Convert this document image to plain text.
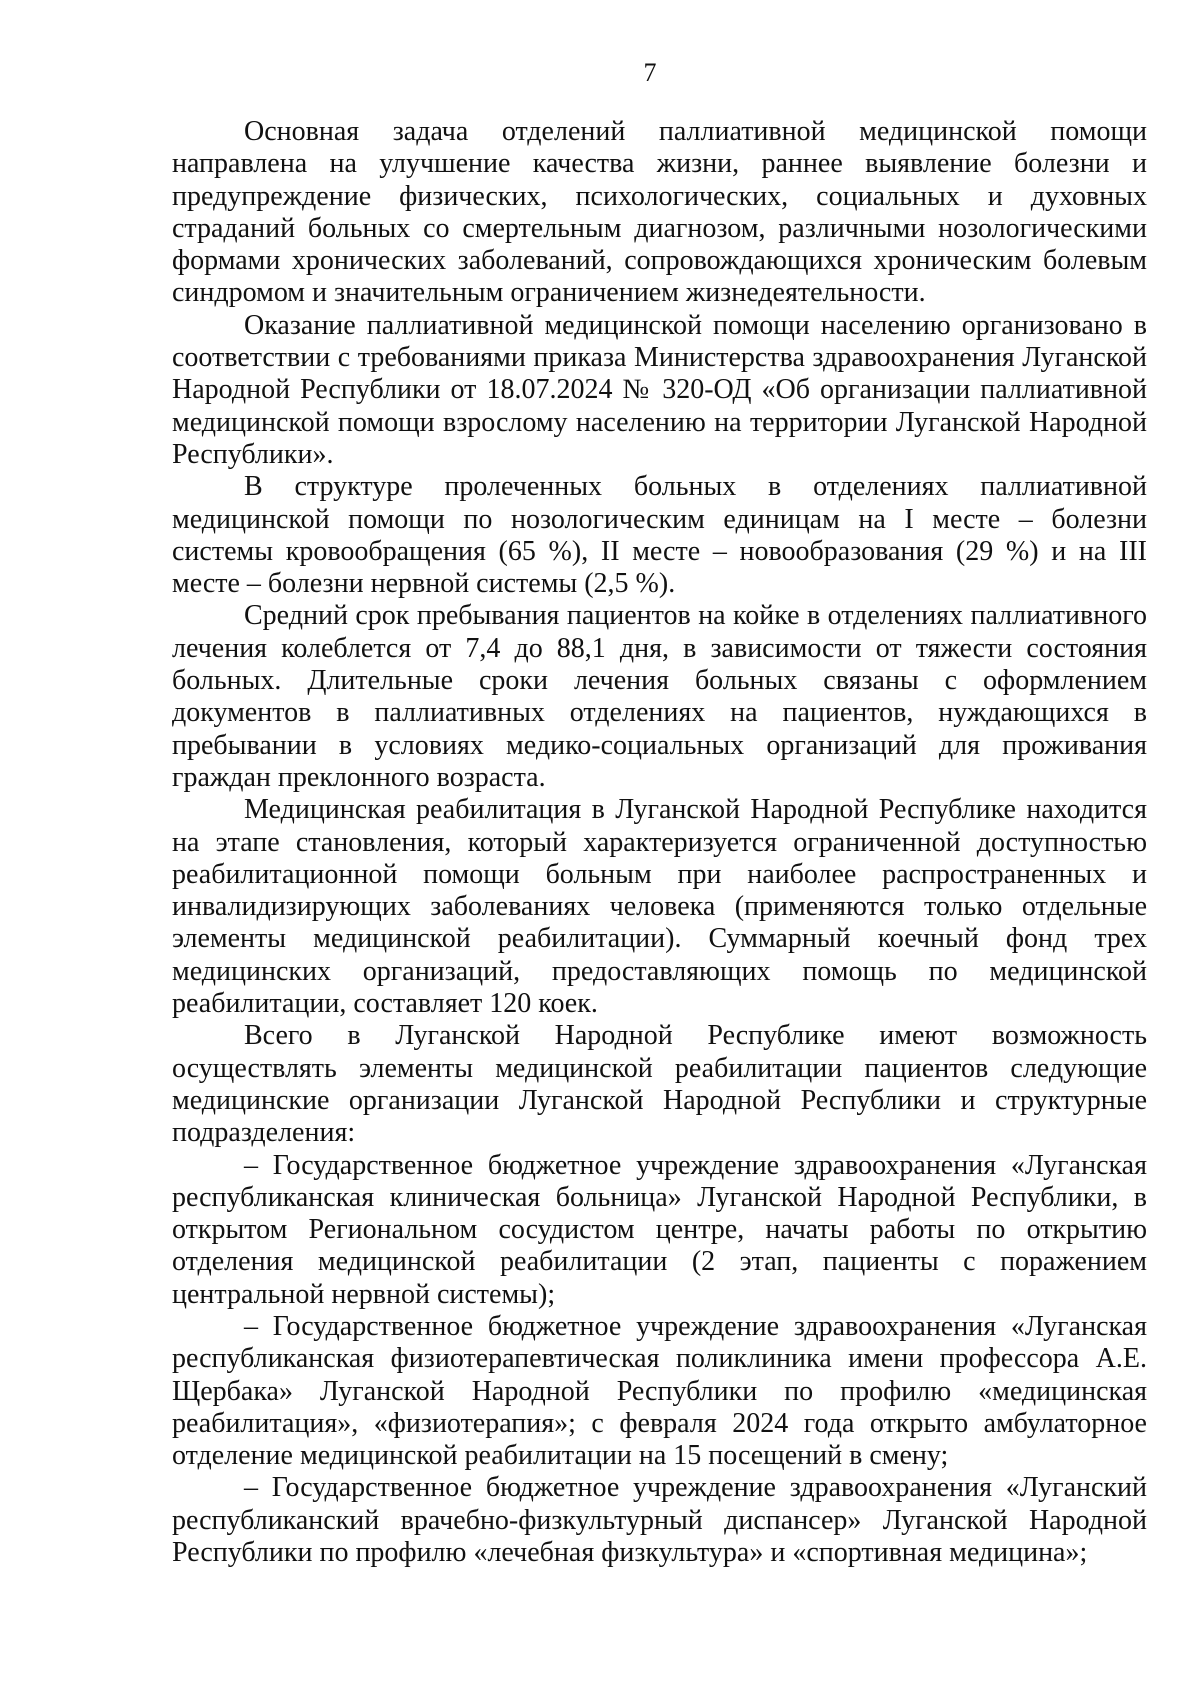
7

Основная задача отделений паллиативной медицинской помощи направлена на улучшение качества жизни, раннее выявление болезни и предупреждение физических, психологических, социальных и духовных страданий больных со смертельным диагнозом, различными нозологическими формами хронических заболеваний, сопровождающихся хроническим болевым синдромом и значительным ограничением жизнедеятельности.

Оказание паллиативной медицинской помощи населению организовано в соответствии с требованиями приказа Министерства здравоохранения Луганской Народной Республики от 18.07.2024 № 320-ОД «Об организации паллиативной медицинской помощи взрослому населению на территории Луганской Народной Республики».

В структуре пролеченных больных в отделениях паллиативной медицинской помощи по нозологическим единицам на I месте – болезни системы кровообращения (65 %), II месте – новообразования (29 %) и на III месте – болезни нервной системы (2,5 %).

Средний срок пребывания пациентов на койке в отделениях паллиативного лечения колеблется от 7,4 до 88,1 дня, в зависимости от тяжести состояния больных. Длительные сроки лечения больных связаны с оформлением документов в паллиативных отделениях на пациентов, нуждающихся в пребывании в условиях медико-социальных организаций для проживания граждан преклонного возраста.

Медицинская реабилитация в Луганской Народной Республике находится на этапе становления, который характеризуется ограниченной доступностью реабилитационной помощи больным при наиболее распространенных и инвалидизирующих заболеваниях человека (применяются только отдельные элементы медицинской реабилитации). Суммарный коечный фонд трех медицинских организаций, предоставляющих помощь по медицинской реабилитации, составляет 120 коек.

Всего в Луганской Народной Республике имеют возможность осуществлять элементы медицинской реабилитации пациентов следующие медицинские организации Луганской Народной Республики и структурные подразделения:

– Государственное бюджетное учреждение здравоохранения «Луганская республиканская клиническая больница» Луганской Народной Республики, в открытом Региональном сосудистом центре, начаты работы по открытию отделения медицинской реабилитации (2 этап, пациенты с поражением центральной нервной системы);

– Государственное бюджетное учреждение здравоохранения «Луганская республиканская физиотерапевтическая поликлиника имени профессора А.Е. Щербака» Луганской Народной Республики по профилю «медицинская реабилитация», «физиотерапия»; с февраля 2024 года открыто амбулаторное отделение медицинской реабилитации на 15 посещений в смену;

– Государственное бюджетное учреждение здравоохранения «Луганский республиканский врачебно-физкультурный диспансер» Луганской Народной Республики по профилю «лечебная физкультура» и «спортивная медицина»;
